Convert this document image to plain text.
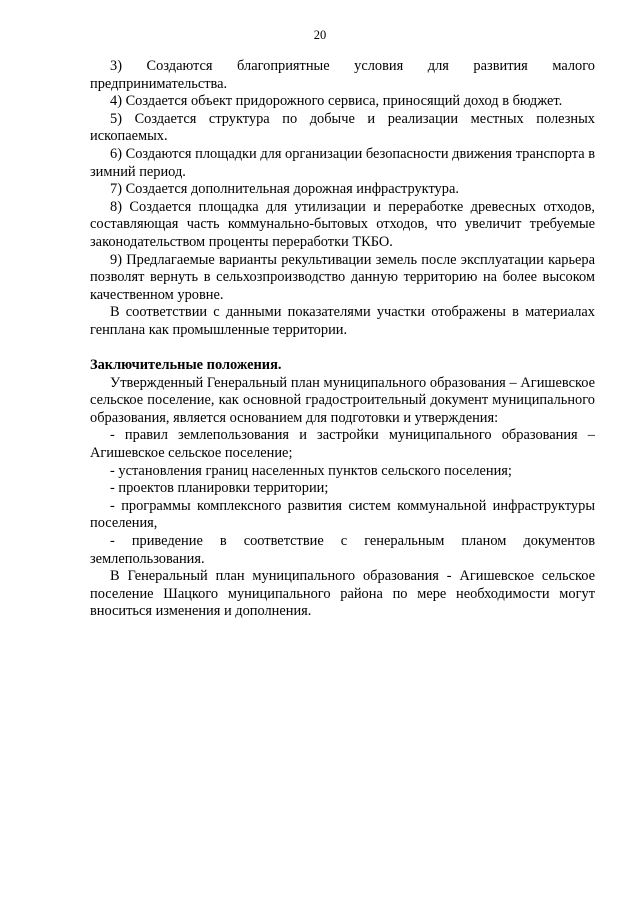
20

3) Создаются благоприятные условия для развития малого предпринимательства.

4) Создается объект придорожного сервиса, приносящий доход в бюджет.

5) Создается структура по добыче и реализации местных полезных ископаемых.

6) Создаются площадки для организации безопасности движения транспорта в зимний период.

7) Создается дополнительная дорожная инфраструктура.

8) Создается площадка для утилизации и переработке древесных отходов, составляющая часть коммунально-бытовых отходов, что увеличит требуемые законодательством проценты переработки ТКБО.

9) Предлагаемые варианты рекультивации земель после эксплуатации карьера позволят вернуть в сельхозпроизводство данную территорию на более высоком качественном уровне.

В соответствии с данными показателями участки отображены в материалах генплана как промышленные территории.

Заключительные положения.

Утвержденный Генеральный план муниципального образования – Агишевское сельское поселение, как основной градостроительный документ муниципального образования, является основанием для подготовки и утверждения:

- правил землепользования и застройки муниципального образования – Агишевское сельское поселение;

- установления границ населенных пунктов сельского поселения;

- проектов планировки территории;

- программы комплексного развития систем коммунальной инфраструктуры поселения,

- приведение в соответствие с генеральным планом документов землепользования.

В Генеральный план муниципального образования - Агишевское сельское поселение Шацкого муниципального района по мере необходимости могут вноситься изменения и дополнения.
